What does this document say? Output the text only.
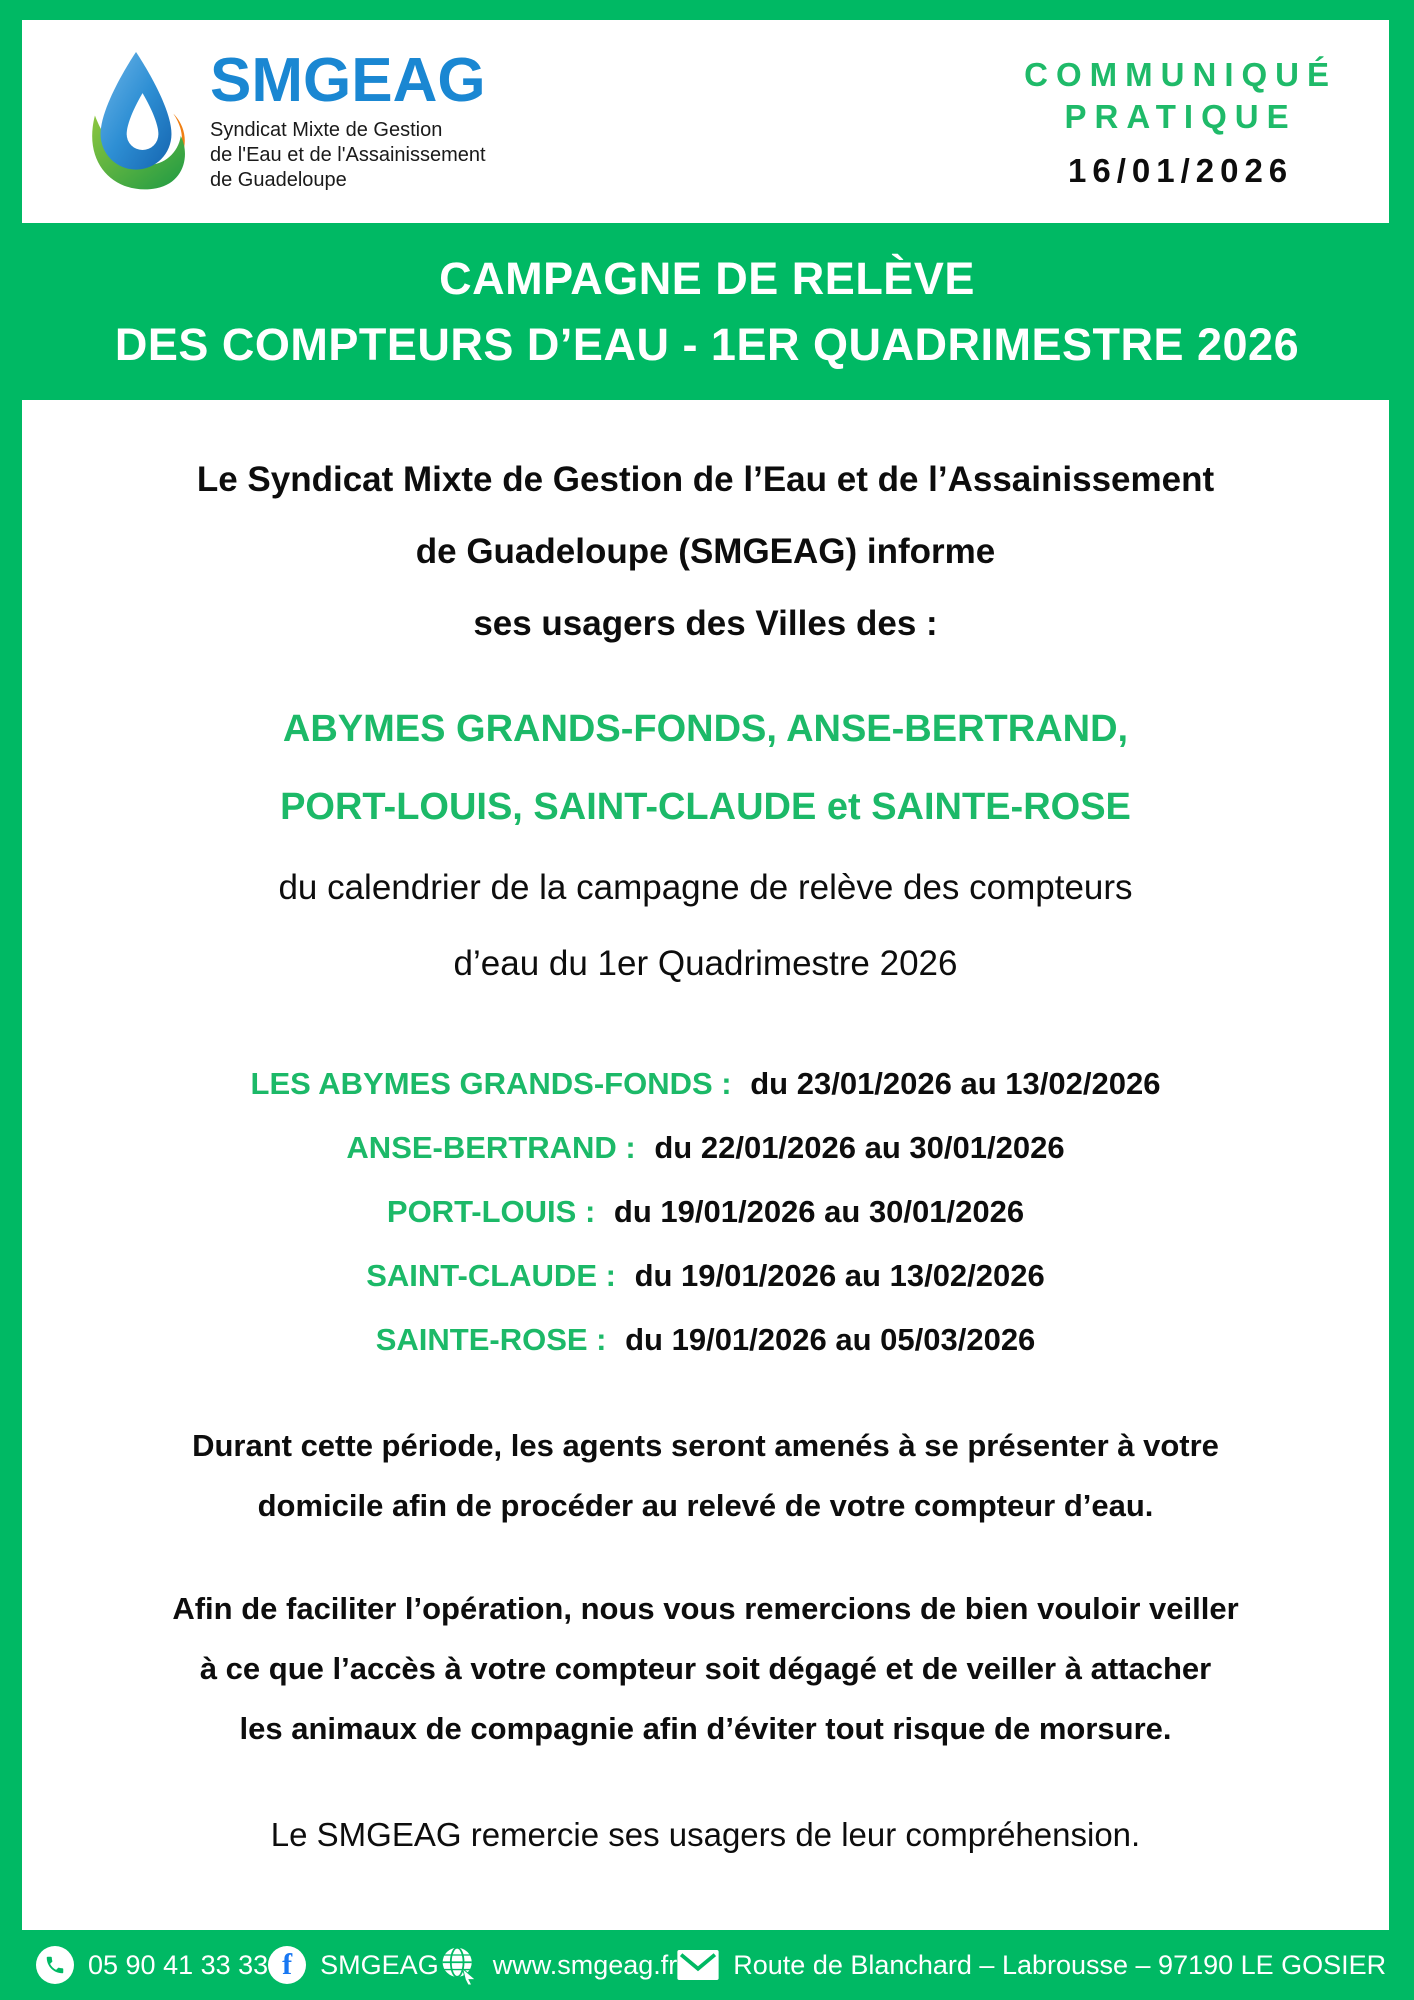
SMGEAG
Syndicat Mixte de Gestion
de l'Eau et de l'Assainissement
de Guadeloupe
COMMUNIQUÉ
PRATIQUE
16/01/2026
CAMPAGNE DE RELÈVE
DES COMPTEURS D’EAU - 1ER QUADRIMESTRE 2026
Le Syndicat Mixte de Gestion de l’Eau et de l’Assainissement
de Guadeloupe (SMGEAG) informe
ses usagers des Villes des :
ABYMES GRANDS-FONDS, ANSE-BERTRAND,
PORT-LOUIS, SAINT-CLAUDE et SAINTE-ROSE
du calendrier de la campagne de relève des compteurs
d’eau du 1er Quadrimestre 2026
LES ABYMES GRANDS-FONDS : du 23/01/2026 au 13/02/2026
ANSE-BERTRAND : du 22/01/2026 au 30/01/2026
PORT-LOUIS : du 19/01/2026 au 30/01/2026
SAINT-CLAUDE : du 19/01/2026 au 13/02/2026
SAINTE-ROSE : du 19/01/2026 au 05/03/2026
Durant cette période, les agents seront amenés à se présenter à votre
domicile afin de procéder au relevé de votre compteur d’eau.
Afin de faciliter l’opération, nous vous remercions de bien vouloir veiller
à ce que l’accès à votre compteur soit dégagé et de veiller à attacher
les animaux de compagnie afin d’éviter tout risque de morsure.
Le SMGEAG remercie ses usagers de leur compréhension.
05 90 41 33 33 f SMGEAG www.smgeag.fr Route de Blanchard – Labrousse – 97190 LE GOSIER
